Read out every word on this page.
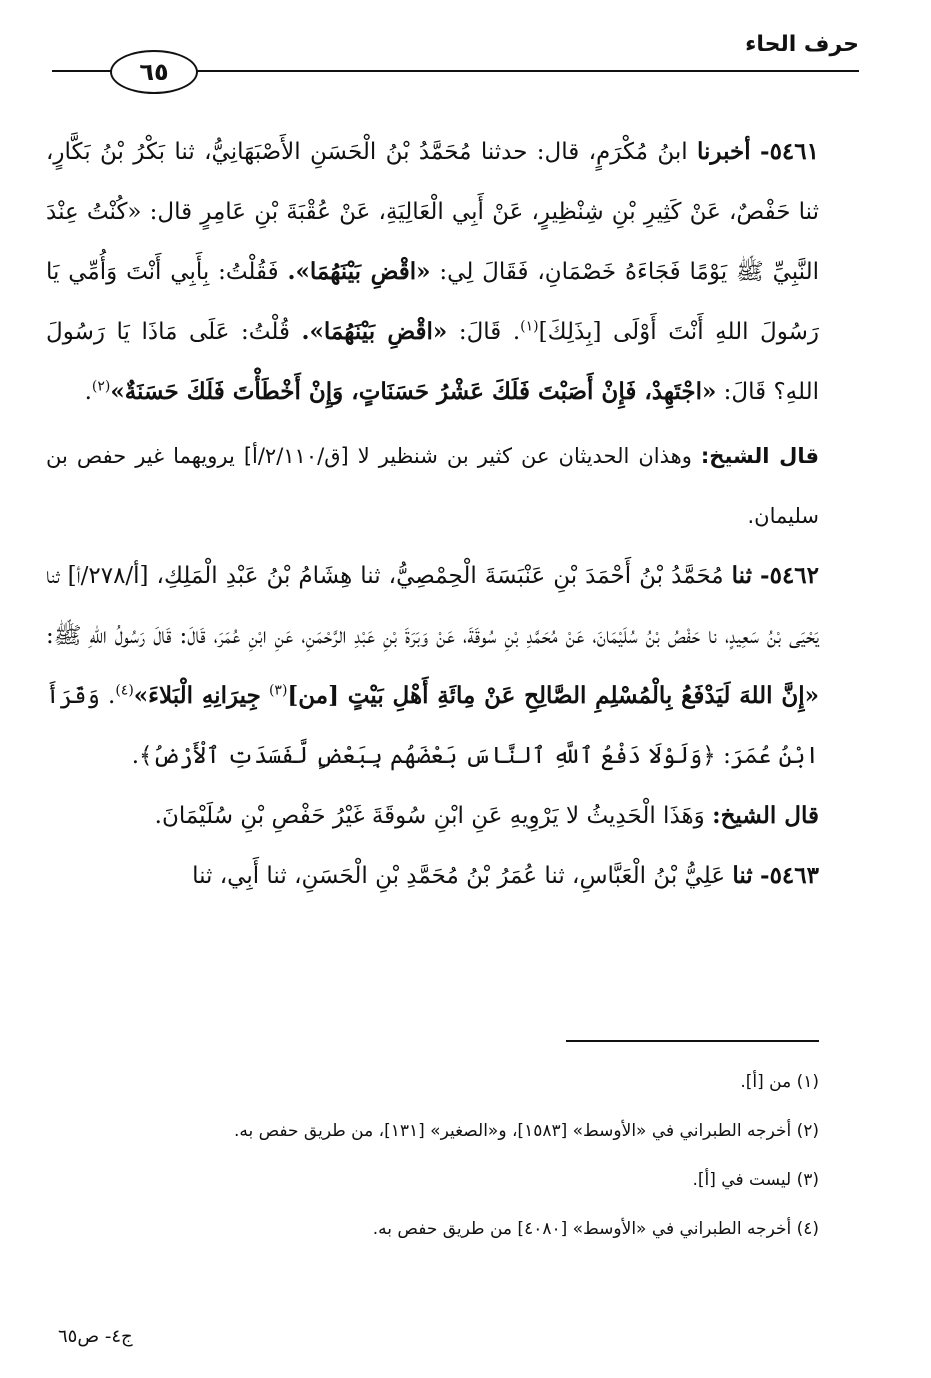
حرف الحاء
٦٥

٥٤٦١- أخبرنا ابنُ مُكْرَمٍ، قال: حدثنا مُحَمَّدُ بْنُ الْحَسَنِ الأَصْبَهَانِيُّ، ثنا بَكْرُ بْنُ بَكَّارٍ، ثنا حَفْصٌ، عَنْ كَثِيرِ بْنِ شِنْظِيرٍ، عَنْ أَبِي الْعَالِيَةِ، عَنْ عُقْبَةَ بْنِ عَامِرٍ قال: «كُنْتُ عِنْدَ النَّبِيِّ ﷺ يَوْمًا فَجَاءَهُ خَصْمَانِ، فَقَالَ لِي: «اقْضِ بَيْنَهُمَا». فَقُلْتُ: بِأَبِي أَنْتَ وَأُمِّي يَا رَسُولَ اللهِ أَنْتَ أَوْلَى [بِذَلِكَ]$^{(١)}$. قَالَ: «اقْضِ بَيْنَهُمَا». قُلْتُ: عَلَى مَاذَا يَا رَسُولَ اللهِ؟ قَالَ: «اجْتَهِدْ، فَإِنْ أَصَبْتَ فَلَكَ عَشْرُ حَسَنَاتٍ، وَإِنْ أَخْطَأْتَ فَلَكَ حَسَنَةٌ»$^{(٢)}$.

قال الشيخ: وهذان الحديثان عن كثير بن شنظير لا [ق/٢/١١٠/أ] يرويهما غير حفص بن سليمان.

٥٤٦٢- ثنا مُحَمَّدُ بْنُ أَحْمَدَ بْنِ عَنْبَسَةَ الْحِمْصِيُّ، ثنا هِشَامُ بْنُ عَبْدِ الْمَلِكِ، [أ/٢٧٨/أ] ثنا يَحْيَى بْنُ سَعِيدٍ، نا حَفْصُ بْنُ سُلَيْمَانَ، عَنْ مُحَمَّدِ بْنِ سُوقَةَ، عَنْ وَبَرَةَ بْنِ عَبْدِ الرَّحْمَنِ، عَنِ ابْنِ عُمَرَ، قَالَ: قَالَ رَسُولُ اللهِ ﷺ: «إِنَّ اللهَ لَيَدْفَعُ بِالْمُسْلِمِ الصَّالِحِ عَنْ مِائَةِ أَهْلِ بَيْتٍ [من]$^{(٣)}$ جِيرَانِهِ الْبَلاءَ»$^{(٤)}$. وَقَرَأَ ابْنُ عُمَرَ: ﴿وَلَوْلَا دَفْعُ ٱللَّهِ ٱلنَّاسَ بَعْضَهُم بِبَعْضٍ لَّفَسَدَتِ ٱلْأَرْضُ﴾.

قال الشيخ: وَهَذَا الْحَدِيثُ لا يَرْوِيهِ عَنِ ابْنِ سُوقَةَ غَيْرُ حَفْصِ بْنِ سُلَيْمَانَ.

٥٤٦٣- ثنا عَلِيُّ بْنُ الْعَبَّاسِ، ثنا عُمَرُ بْنُ مُحَمَّدِ بْنِ الْحَسَنِ، ثنا أَبِي، ثنا

(١) من [أ].

(٢) أخرجه الطبراني في «الأوسط» [١٥٨٣]، و«الصغير» [١٣١]، من طريق حفص به.

(٣) ليست في [أ].

(٤) أخرجه الطبراني في «الأوسط» [٤٠٨٠] من طريق حفص به.

ج٤- ص٦٥
